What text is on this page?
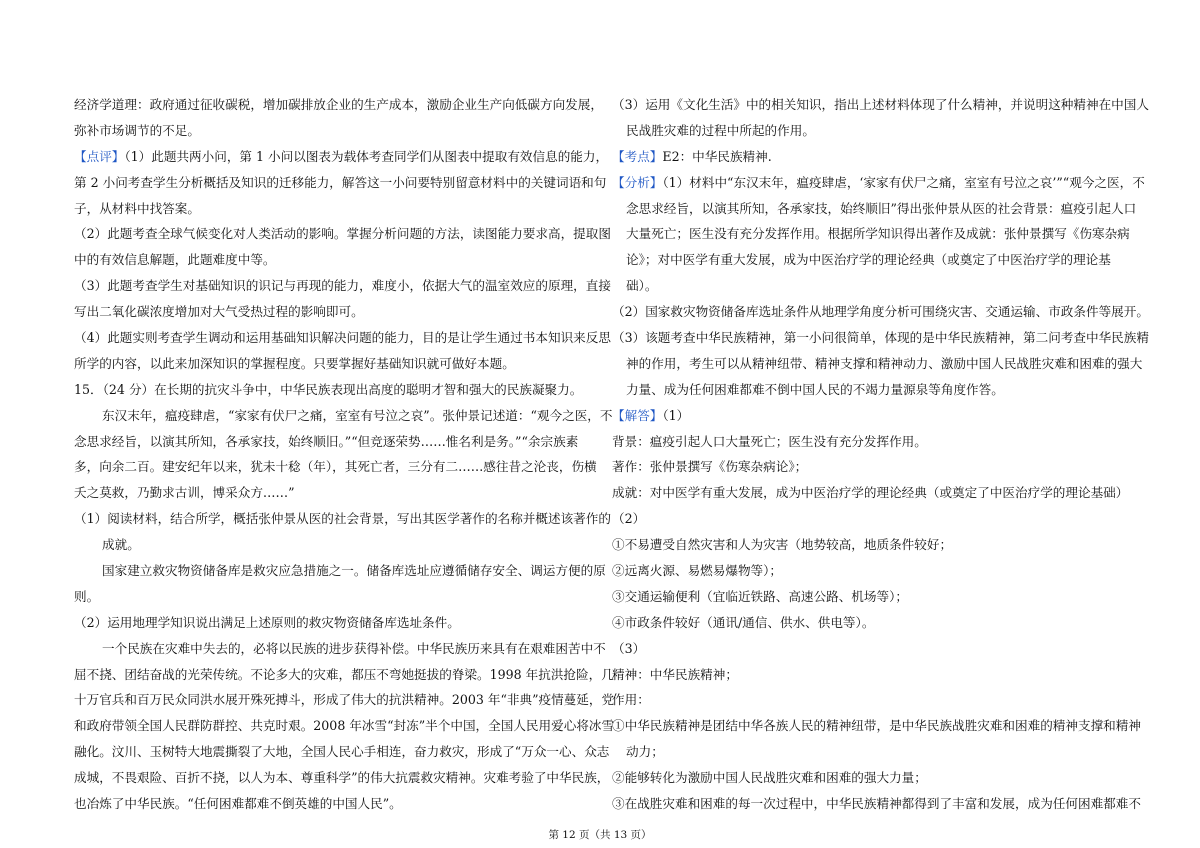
经济学道理：政府通过征收碳税，增加碳排放企业的生产成本，激励企业生产向低碳方向发展，
弥补市场调节的不足。
【点评】（1）此题共两小问，第 1 小问以图表为载体考查同学们从图表中提取有效信息的能力，
第 2 小问考查学生分析概括及知识的迁移能力，解答这一小问要特别留意材料中的关键词语和句
子，从材料中找答案。
（2）此题考查全球气候变化对人类活动的影响。掌握分析问题的方法，读图能力要求高，提取图
中的有效信息解题，此题难度中等。
（3）此题考查学生对基础知识的识记与再现的能力，难度小，依据大气的温室效应的原理，直接
写出二氧化碳浓度增加对大气受热过程的影响即可。
（4）此题实则考查学生调动和运用基础知识解决问题的能力，目的是让学生通过书本知识来反思
所学的内容，以此来加深知识的掌握程度。只要掌握好基础知识就可做好本题。
15．（24 分）在长期的抗灾斗争中，中华民族表现出高度的聪明才智和强大的民族凝聚力。
东汉末年，瘟疫肆虐，“家家有伏尸之痛，室室有号泣之哀”。张仲景记述道：“观今之医，不
念思求经旨，以演其所知，各承家技，始终顺旧。”“但竞逐荣势……惟名利是务。”“余宗族素
多，向余二百。建安纪年以来，犹未十稔（年），其死亡者，三分有二……感往昔之沦丧，伤横
夭之莫救，乃勤求古训，博采众方……”
（1）阅读材料，结合所学，概括张仲景从医的社会背景，写出其医学著作的名称并概述该著作的
成就。
国家建立救灾物资储备库是救灾应急措施之一。储备库选址应遵循储存安全、调运方便的原
则。
（2）运用地理学知识说出满足上述原则的救灾物资储备库选址条件。
一个民族在灾难中失去的，必将以民族的进步获得补偿。中华民族历来具有在艰难困苦中不
屈不挠、团结奋战的光荣传统。不论多大的灾难，都压不弯她挺拔的脊梁。1998 年抗洪抢险，几
十万官兵和百万民众同洪水展开殊死搏斗，形成了伟大的抗洪精神。2003 年“非典”疫情蔓延，党
和政府带领全国人民群防群控、共克时艰。2008 年冰雪“封冻”半个中国，全国人民用爱心将冰雪
融化。汶川、玉树特大地震撕裂了大地，全国人民心手相连，奋力救灾，形成了“万众一心、众志
成城，不畏艰险、百折不挠，以人为本、尊重科学”的伟大抗震救灾精神。灾难考验了中华民族，
也冶炼了中华民族。“任何困难都难不倒英雄的中国人民”。
（3）运用《文化生活》中的相关知识，指出上述材料体现了什么精神，并说明这种精神在中国人
民战胜灾难的过程中所起的作用。
【考点】E2：中华民族精神.
【分析】（1）材料中“东汉末年，瘟疫肆虐，‘家家有伏尸之痛，室室有号泣之哀’”“观今之医，不
念思求经旨，以演其所知，各承家技，始终顺旧”得出张仲景从医的社会背景：瘟疫引起人口
大量死亡；医生没有充分发挥作用。根据所学知识得出著作及成就：张仲景撰写《伤寒杂病
论》；对中医学有重大发展，成为中医治疗学的理论经典（或奠定了中医治疗学的理论基
础）。
（2）国家救灾物资储备库选址条件从地理学角度分析可围绕灾害、交通运输、市政条件等展开。
（3）该题考查中华民族精神，第一小问很简单，体现的是中华民族精神，第二问考查中华民族精
神的作用，考生可以从精神纽带、精神支撑和精神动力、激励中国人民战胜灾难和困难的强大
力量、成为任何困难都难不倒中国人民的不竭力量源泉等角度作答。
【解答】（1）
背景：瘟疫引起人口大量死亡；医生没有充分发挥作用。
著作：张仲景撰写《伤寒杂病论》；
成就：对中医学有重大发展，成为中医治疗学的理论经典（或奠定了中医治疗学的理论基础）
（2）
①不易遭受自然灾害和人为灾害（地势较高，地质条件较好；
②远离火源、易燃易爆物等）；
③交通运输便利（宜临近铁路、高速公路、机场等）；
④市政条件较好（通讯/通信、供水、供电等）。
（3）
精神：中华民族精神；
作用：
①中华民族精神是团结中华各族人民的精神纽带，是中华民族战胜灾难和困难的精神支撑和精神
动力；
②能够转化为激励中国人民战胜灾难和困难的强大力量；
③在战胜灾难和困难的每一次过程中，中华民族精神都得到了丰富和发展，成为任何困难都难不
第 12 页（共 13 页）
